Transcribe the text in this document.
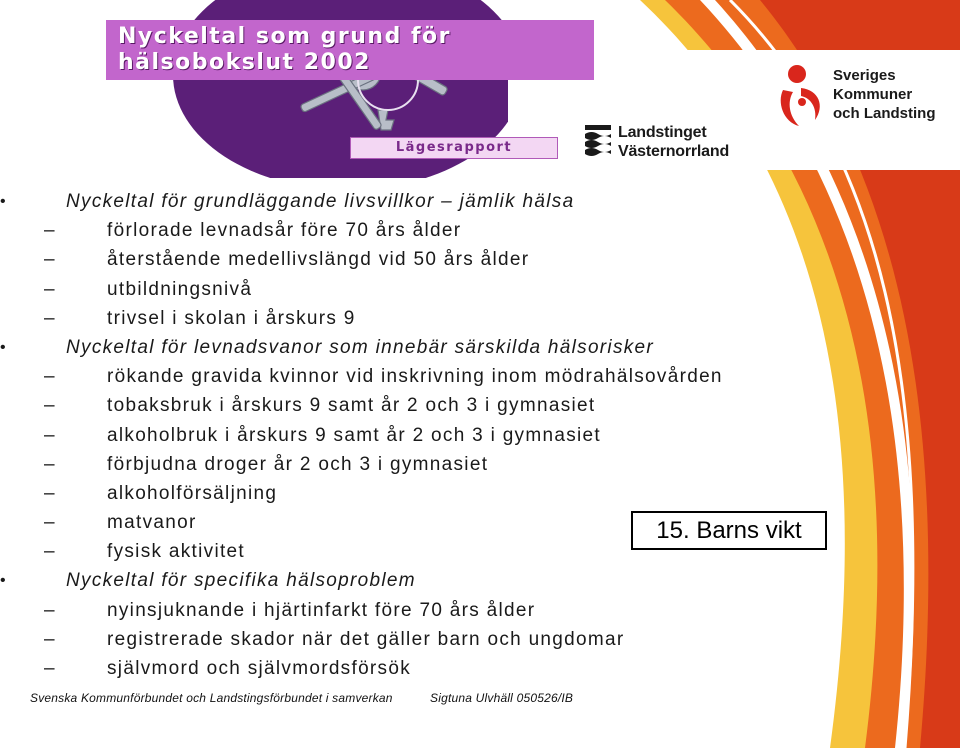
Nyckeltal som grund för
hälsobokslut 2002
Lägesrapport
Landstinget
Västernorrland
Sveriges
Kommuner
och Landsting
•	Nyckeltal för grundläggande livsvillkor – jämlik hälsa
–	förlorade levnadsår före 70 års ålder
–	återstående medellivslängd vid 50 års ålder
–	utbildningsnivå
–	trivsel i skolan i årskurs 9
•	Nyckeltal för levnadsvanor som innebär särskilda hälsorisker
–	rökande gravida kvinnor vid inskrivning inom mödrahälsovården
–	tobaksbruk i årskurs 9 samt år 2 och 3 i gymnasiet
–	alkoholbruk i årskurs 9 samt år 2 och 3 i gymnasiet
–	förbjudna droger år 2 och 3 i gymnasiet
–	alkoholförsäljning
–	matvanor
–	fysisk aktivitet
•	Nyckeltal för specifika hälsoproblem
–	nyinsjuknande i hjärtinfarkt före 70 års ålder
–	registrerade skador när det gäller barn och ungdomar
–	självmord och självmordsförsök
15. Barns vikt
Svenska Kommunförbundet och Landstingsförbundet i samverkan	Sigtuna Ulvhäll 050526/IB
